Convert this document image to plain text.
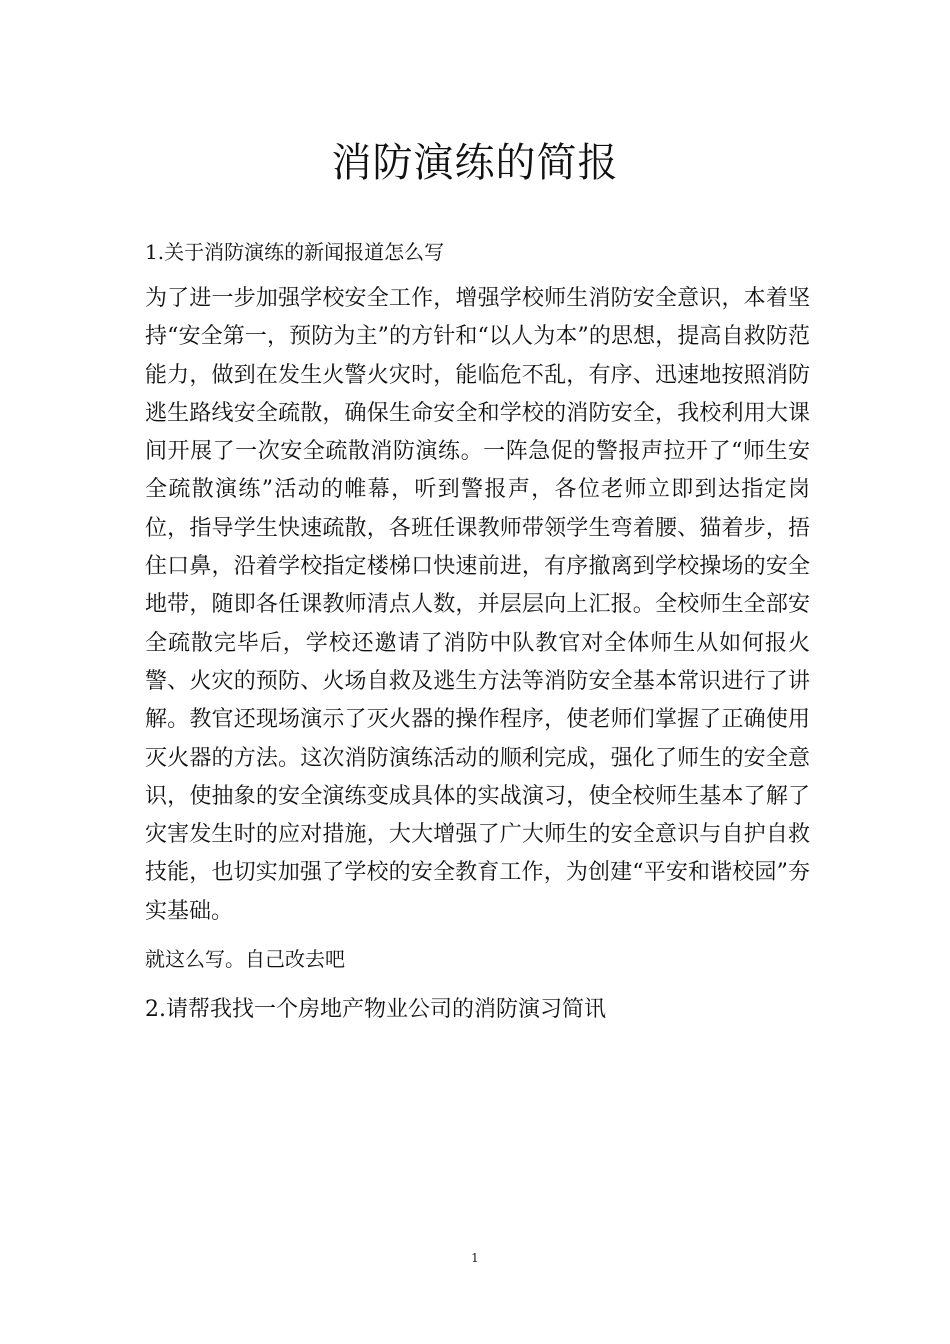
消防演练的简报
1.关于消防演练的新闻报道怎么写

为了进一步加强学校安全工作，增强学校师生消防安全意识，本着坚持“安全第一，预防为主”的方针和“以人为本”的思想，提高自救防范能力，做到在发生火警火灾时，能临危不乱，有序、迅速地按照消防逃生路线安全疏散，确保生命安全和学校的消防安全，我校利用大课间开展了一次安全疏散消防演练。一阵急促的警报声拉开了“师生安全疏散演练”活动的帷幕，听到警报声，各位老师立即到达指定岗位，指导学生快速疏散，各班任课教师带领学生弯着腰、猫着步，捂住口鼻，沿着学校指定楼梯口快速前进，有序撤离到学校操场的安全地带，随即各任课教师清点人数，并层层向上汇报。全校师生全部安全疏散完毕后，学校还邀请了消防中队教官对全体师生从如何报火警、火灾的预防、火场自救及逃生方法等消防安全基本常识进行了讲解。教官还现场演示了灭火器的操作程序，使老师们掌握了正确使用灭火器的方法。这次消防演练活动的顺利完成，强化了师生的安全意识，使抽象的安全演练变成具体的实战演习，使全校师生基本了解了灾害发生时的应对措施，大大增强了广大师生的安全意识与自护自救技能，也切实加强了学校的安全教育工作，为创建“平安和谐校园”夯实基础。

就这么写。自己改去吧
2.请帮我找一个房地产物业公司的消防演习简讯
1
